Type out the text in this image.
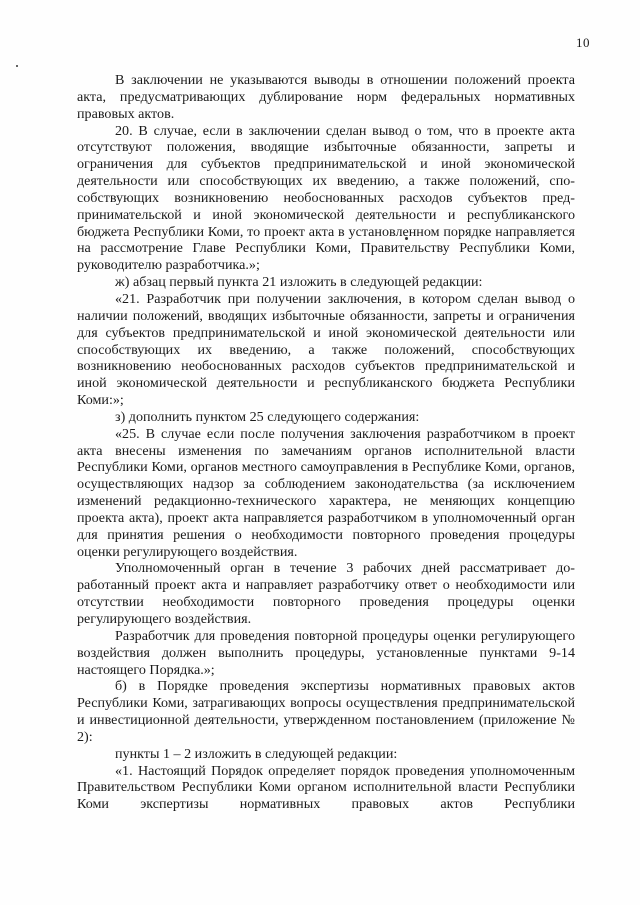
10

В заключении не указываются выводы в отношении положений проекта акта, предусматривающих дублирование норм федеральных нормативных правовых актов.

20. В случае, если в заключении сделан вывод о том, что в проекте акта отсутствуют положения, вводящие избыточные обязанности, запреты и ограничения для субъектов предпринимательской и иной экономической деятельности или способствующих их введению, а также положений, способствующих возникновению необоснованных расходов субъектов предпринимательской и иной экономической деятельности и республиканского бюджета Республики Коми, то проект акта в установленном порядке направляется на рассмотрение Главе Республики Коми, Правительству Республики Коми, руководителю разработчика.»;

ж) абзац первый пункта 21 изложить в следующей редакции:

«21. Разработчик при получении заключения, в котором сделан вывод о наличии положений, вводящих избыточные обязанности, запреты и ограничения для субъектов предпринимательской и иной экономической деятельности или способствующих их введению, а также положений, способствующих возникновению необоснованных расходов субъектов предпринимательской и иной экономической деятельности и республиканского бюджета Республики Коми:»;

з) дополнить пунктом 25 следующего содержания:

«25. В случае если после получения заключения разработчиком в проект акта внесены изменения по замечаниям органов исполнительной власти Республики Коми, органов местного самоуправления в Республике Коми, органов, осуществляющих надзор за соблюдением законодательства (за исключением изменений редакционно-технического характера, не меняющих концепцию проекта акта), проект акта направляется разработчиком в уполномоченный орган для принятия решения о необходимости повторного проведения процедуры оценки регулирующего воздействия.

Уполномоченный орган в течение 3 рабочих дней рассматривает доработанный проект акта и направляет разработчику ответ о необходимости или отсутствии необходимости повторного проведения процедуры оценки регулирующего воздействия.

Разработчик для проведения повторной процедуры оценки регулирующего воздействия должен выполнить процедуры, установленные пунктами 9-14 настоящего Порядка.»;

б) в Порядке проведения экспертизы нормативных правовых актов Республики Коми, затрагивающих вопросы осуществления предпринимательской и инвестиционной деятельности, утвержденном постановлением (приложение № 2):

пункты 1 – 2 изложить в следующей редакции:

«1. Настоящий Порядок определяет порядок проведения уполномоченным Правительством Республики Коми органом исполнительной власти Республики Коми экспертизы нормативных правовых актов Республики
